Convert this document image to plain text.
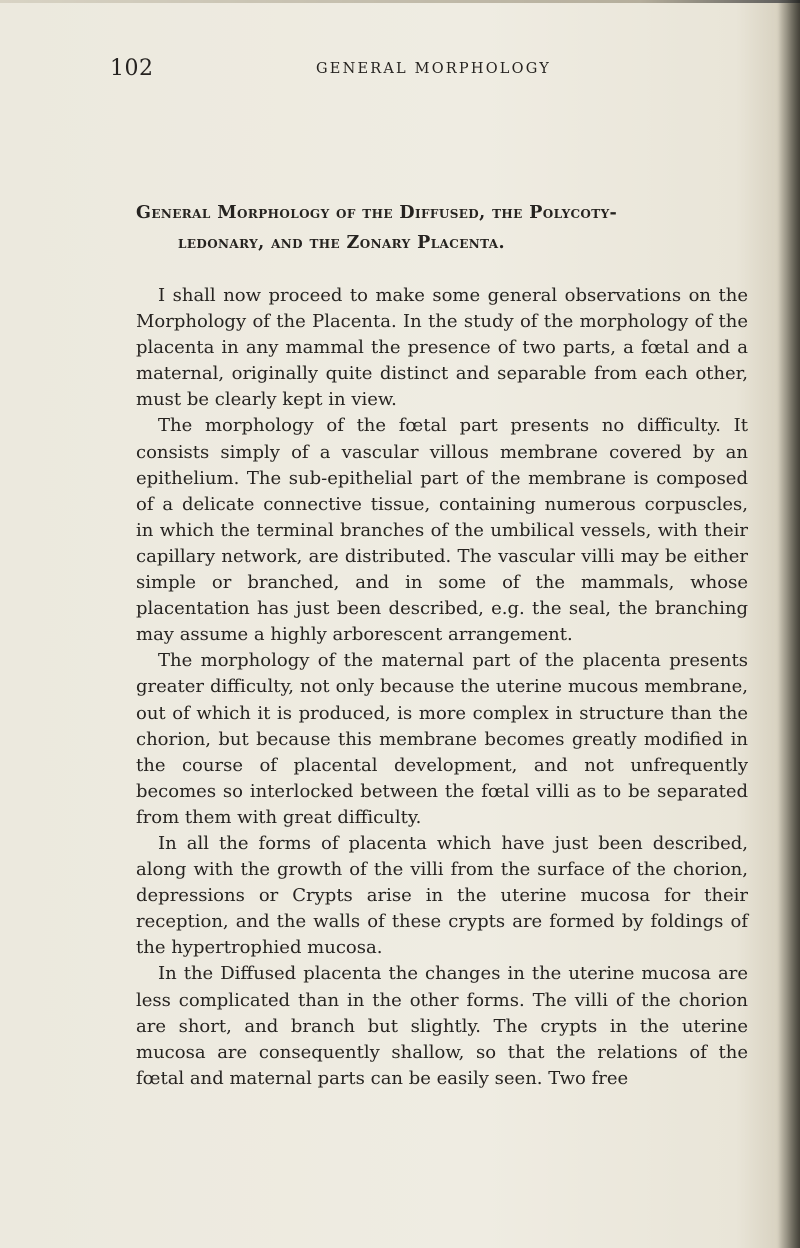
102	GENERAL MORPHOLOGY
General Morphology of the Diffused, the Polycoty-
ledonary, and the Zonary Placenta.

I shall now proceed to make some general observations on the Morphology of the Placenta. In the study of the morphology of the placenta in any mammal the presence of two parts, a fœtal and a maternal, originally quite distinct and separable from each other, must be clearly kept in view.

The morphology of the fœtal part presents no difficulty. It consists simply of a vascular villous membrane covered by an epithelium. The sub-epithelial part of the membrane is composed of a delicate connective tissue, containing numerous corpuscles, in which the terminal branches of the umbilical vessels, with their capillary network, are distributed. The vascular villi may be either simple or branched, and in some of the mammals, whose placentation has just been described, e.g. the seal, the branching may assume a highly arborescent arrangement.

The morphology of the maternal part of the placenta presents greater difficulty, not only because the uterine mucous membrane, out of which it is produced, is more complex in structure than the chorion, but because this membrane becomes greatly modified in the course of placental development, and not unfrequently becomes so interlocked between the fœtal villi as to be separated from them with great difficulty.

In all the forms of placenta which have just been described, along with the growth of the villi from the surface of the chorion, depressions or Crypts arise in the uterine mucosa for their reception, and the walls of these crypts are formed by foldings of the hypertrophied mucosa.

In the Diffused placenta the changes in the uterine mucosa are less complicated than in the other forms. The villi of the chorion are short, and branch but slightly. The crypts in the uterine mucosa are consequently shallow, so that the relations of the fœtal and maternal parts can be easily seen. Two free
